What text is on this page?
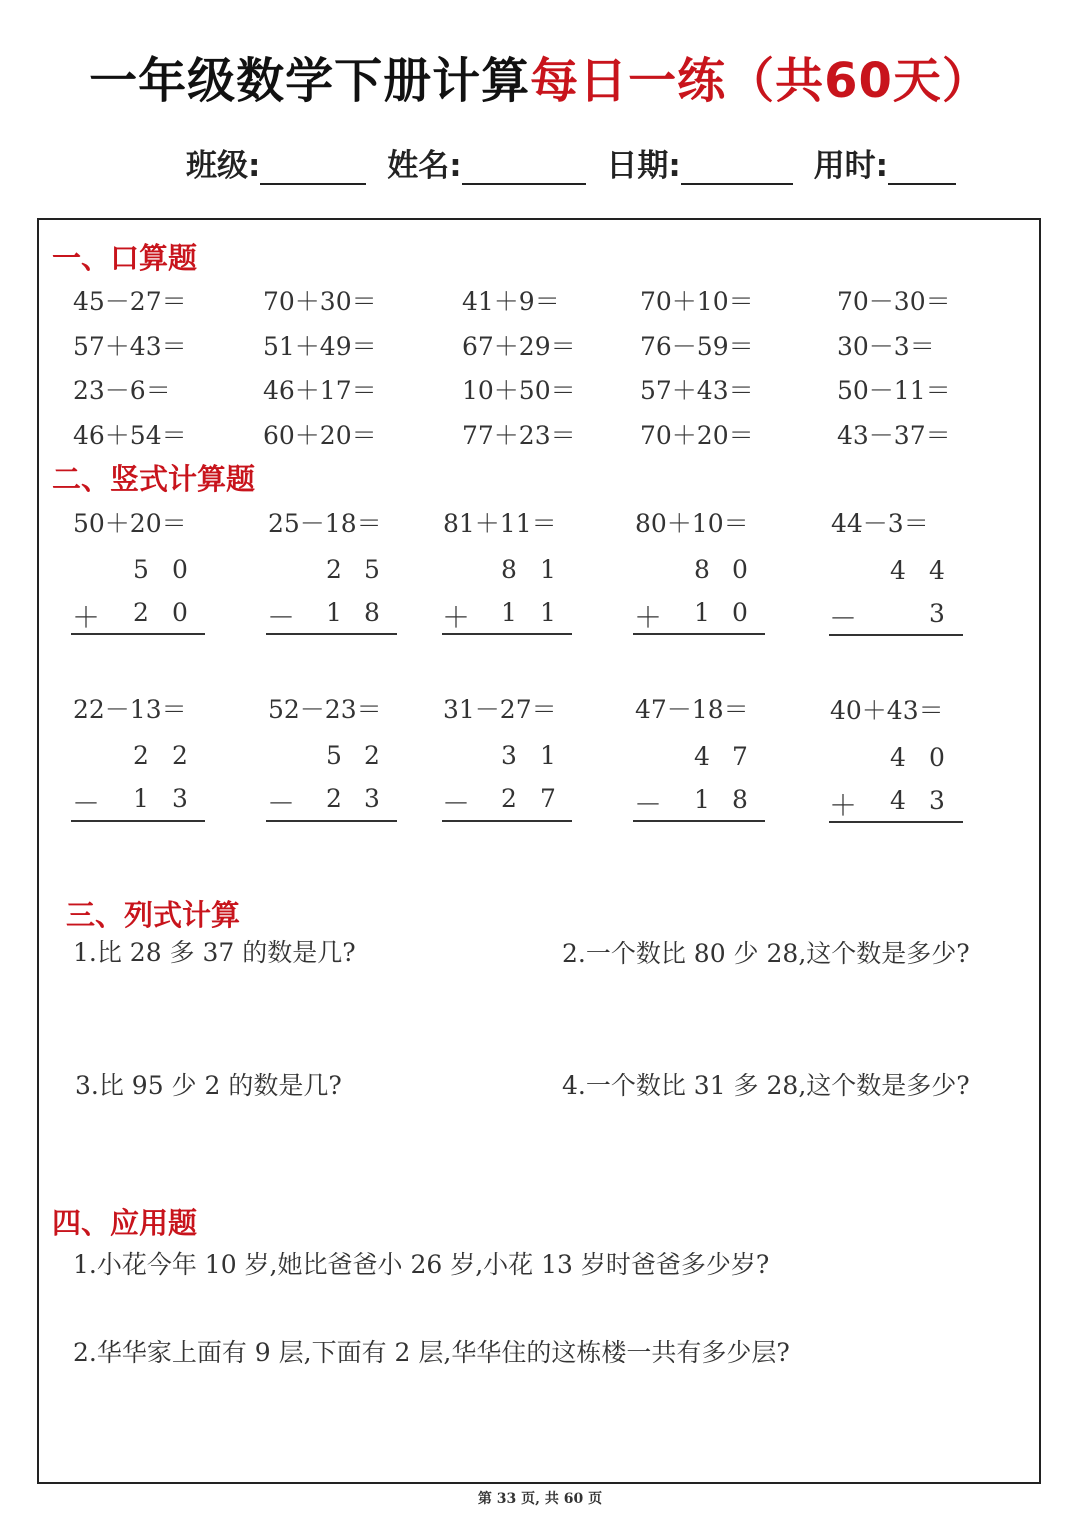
一年级数学下册计算每日一练（共60天）
班级:	姓名:	日期:	用时:
一、口算题
45－27＝	70＋30＝	41＋9＝	70＋10＝	70－30＝
57＋43＝	51＋49＝	67＋29＝	76－59＝	30－3＝
23－6＝	46＋17＝	10＋50＝	57＋43＝	50－11＝
46＋54＝	60＋20＝	77＋23＝	70＋20＝	43－37＝
二、竖式计算题
50＋20＝
5 0
＋ 2 0
25－18＝
2 5
－ 1 8
81＋11＝
8 1
＋ 1 1
80＋10＝
8 0
＋ 1 0
44－3＝
4 4
－	3
22－13＝
2 2
－ 1 3
52－23＝
5 2
－ 2 3
31－27＝
3 1
－ 2 7
47－18＝
4 7
－ 1 8
40＋43＝
4 0
＋ 4 3
三、列式计算
1.比 28 多 37 的数是几?	2.一个数比 80 少 28,这个数是多少?
3.比 95 少 2 的数是几?	4.一个数比 31 多 28,这个数是多少?
四、应用题
1.小花今年 10 岁,她比爸爸小 26 岁,小花 13 岁时爸爸多少岁?
2.华华家上面有 9 层,下面有 2 层,华华住的这栋楼一共有多少层?
第 33 页, 共 60 页
